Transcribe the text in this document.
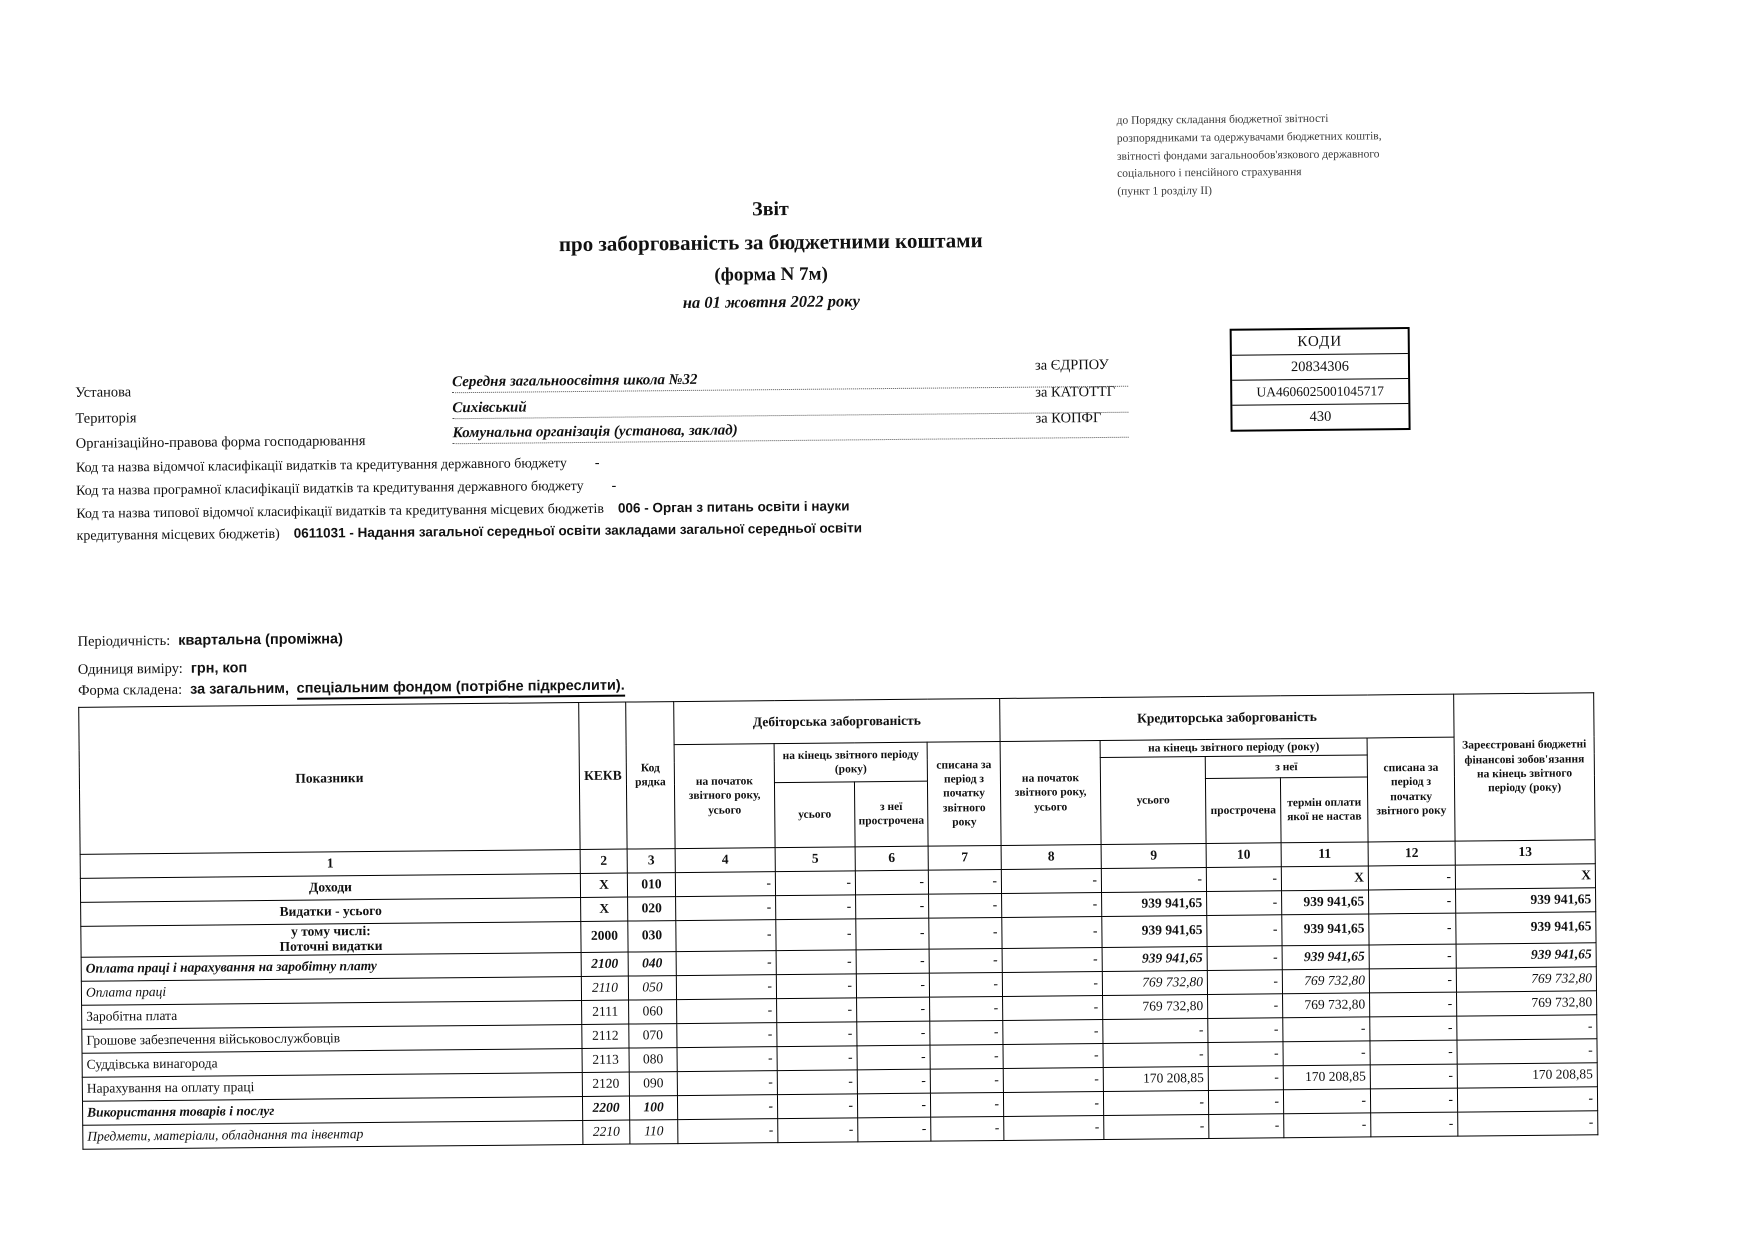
до Порядку складання бюджетної звітності
розпорядниками та одержувачами бюджетних коштів,
звітності фондами загальнообов'язкового державного
соціального і пенсійного страхування
(пункт 1 розділу ІІ)
Звіт
про заборгованість за бюджетними коштами
(форма N 7м)
на 01 жовтня 2022 року
за ЄДРПОУ
за КАТОТТГ
за КОПФГ
КОДИ
20834306
UA4606025001045717
430
Установа
Середня загальноосвітня школа №32
Територія
Сихівський
Організаційно-правова форма господарювання
Комунальна організація (установа, заклад)
Код та назва відомчої класифікації видатків та кредитування державного бюджету -
Код та назва програмної класифікації видатків та кредитування державного бюджету -
Код та назва типової відомчої класифікації видатків та кредитування місцевих бюджетів 006 - Орган з питань освіти і науки
кредитування місцевих бюджетів) 0611031 - Надання загальної середньої освіти закладами загальної середньої освіти
Періодичність: квартальна (проміжна)
Одиниця виміру: грн, коп
Форма складена: за загальним, спеціальним фондом (потрібне підкреслити).
Показники	КЕКВ	Код рядка	Дебіторська заборгованість				Кредиторська заборгованість					Зареєстровані бюджетні фінансові зобов'язання на кінець звітного періоду (року)
			на початок звітного року, усього	на кінець звітного періоду (року)		списана за період з початку звітного року	на початок звітного року, усього	на кінець звітного періоду (року)			списана за період з початку звітного року	
								усього	з неї			
				усього	з неї прострочена				прострочена	термін оплати якої не настав		
1	2	3	4	5	6	7	8	9	10	11	12	13
Доходи	X	010	-	-	-	-	-	-	-	X	-	X
Видатки - усього	X	020	-	-	-	-	-	939 941,65	-	939 941,65	-	939 941,65

у тому числі:
Поточні видатки	2000	030	-	-	-	-	-	939 941,65	-	939 941,65	-	939 941,65
Оплата праці і нарахування на заробітну плату	2100	040	-	-	-	-	-	939 941,65	-	939 941,65	-	939 941,65
Оплата праці	2110	050	-	-	-	-	-	769 732,80	-	769 732,80	-	769 732,80
Заробітна плата	2111	060	-	-	-	-	-	769 732,80	-	769 732,80	-	769 732,80
Грошове забезпечення військовослужбовців	2112	070	-	-	-	-	-	-	-	-	-	-
Суддівська винагорода	2113	080	-	-	-	-	-	-	-	-	-	-
Нарахування на оплату праці	2120	090	-	-	-	-	-	170 208,85	-	170 208,85	-	170 208,85
Використання товарів і послуг	2200	100	-	-	-	-	-	-	-	-	-	-
Предмети, матеріали, обладнання та інвентар	2210	110	-	-	-	-	-	-	-	-	-	-
